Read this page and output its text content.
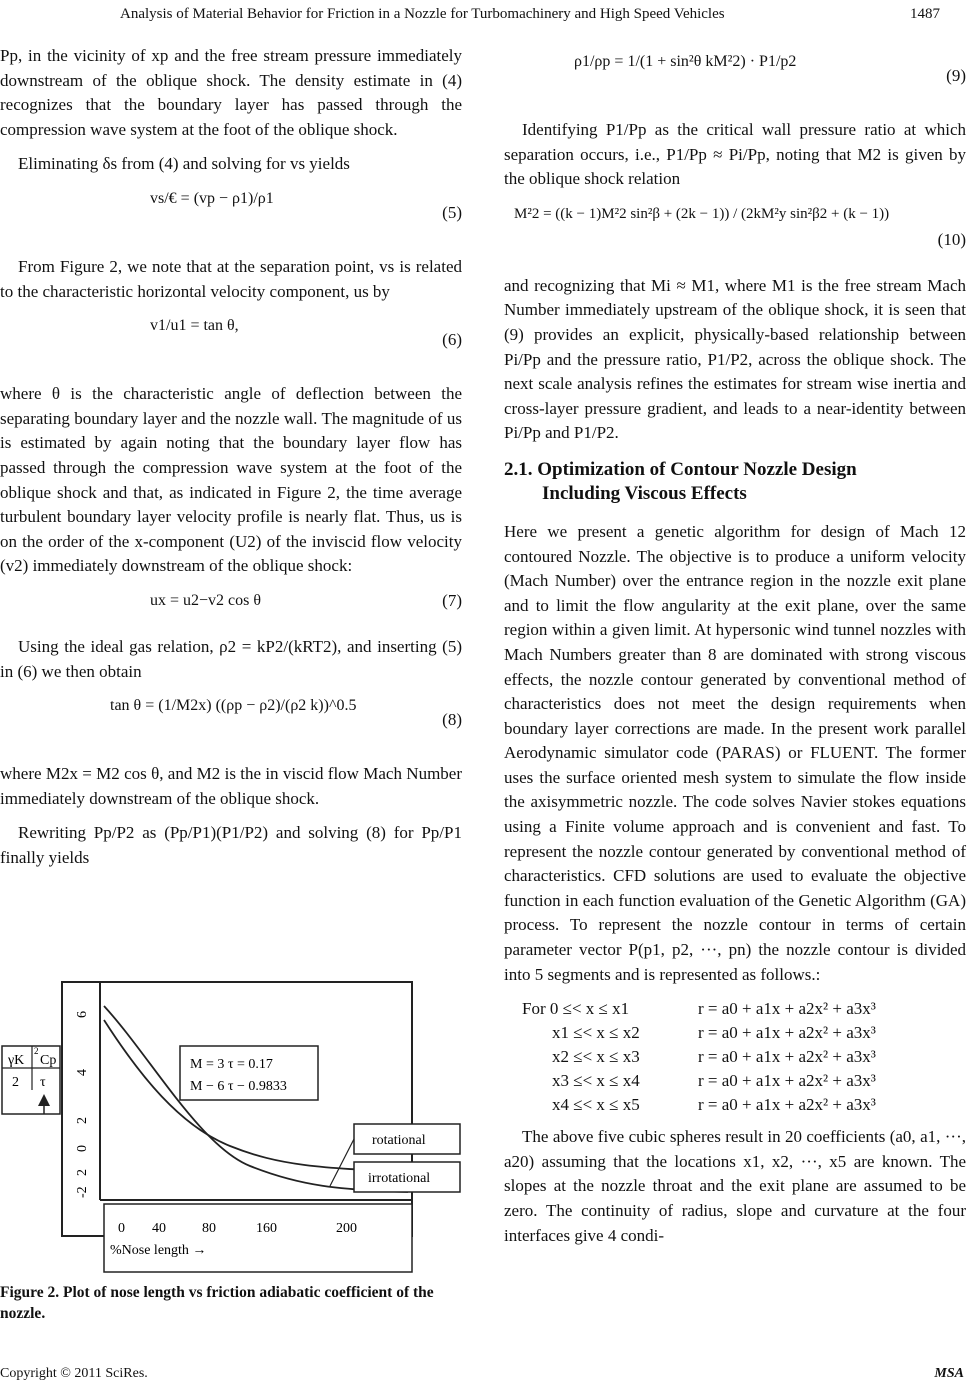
Analysis of Material Behavior for Friction in a Nozzle for Turbomachinery and High Speed Vehicles	1487

Pp, in the vicinity of xp and the free stream pressure immediately downstream of the oblique shock. The density estimate in (4) recognizes that the boundary layer has passed through the compression wave system at the foot of the oblique shock.

Eliminating δs from (4) and solving for vs yields

vs/€ = (vp − ρ1)/ρ1
(5)

From Figure 2, we note that at the separation point, vs is related to the characteristic horizontal velocity component, us by

v1/u1 = tan θ,
(6)

where θ is the characteristic angle of deflection between the separating boundary layer and the nozzle wall. The magnitude of us is estimated by again noting that the boundary layer flow has passed through the compression wave system at the foot of the oblique shock and that, as indicated in Figure 2, the time average turbulent boundary layer velocity profile is nearly flat. Thus, us is on the order of the x-component (U2) of the inviscid flow velocity (v2) immediately downstream of the oblique shock:

ux = u2−v2 cos θ	(7)

Using the ideal gas relation, ρ2 = kP2/(kRT2), and inserting (5) in (6) we then obtain

tan θ = (1/M2x) ((ρp − ρ2)/(ρ2 k))^0.5
(8)

where M2x = M2 cos θ, and M2 is the in viscid flow Mach Number immediately downstream of the oblique shock.

Rewriting Pp/P2 as (Pp/P1)(P1/P2) and solving (8) for Pp/P1 finally yields

γK
2
Cp
2 τ
M = 3 τ = 0.17
M − 6 τ − 0.9833
rotational
irrotational
6
4
2
0
2
-2
0 40	80	160	200
%Nose length →
Figure 2. Plot of nose length vs friction adiabatic coefficient of the nozzle.
ρ1/ρp = 1/(1 + sin²θ kM²2) · P1/p2
(9)

Identifying P1/Pp as the critical wall pressure ratio at which separation occurs, i.e., P1/Pp ≈ Pi/Pp, noting that M2 is given by the oblique shock relation

M²2 = ((k − 1)M²2 sin²β + (2k − 1)) / (2kM²y sin²β2 + (k − 1))
(10)

and recognizing that Mi ≈ M1, where M1 is the free stream Mach Number immediately upstream of the oblique shock, it is seen that (9) provides an explicit, physically-based relationship between Pi/Pp and the pressure ratio, P1/P2, across the oblique shock. The next scale analysis refines the estimates for stream wise inertia and cross-layer pressure gradient, and leads to a near-identity between Pi/Pp and P1/P2.

2.1. Optimization of Contour Nozzle Design
Including Viscous Effects

Here we present a genetic algorithm for design of Mach 12 contoured Nozzle. The objective is to produce a uniform velocity (Mach Number) over the entrance region in the nozzle exit plane and to limit the flow angularity at the exit plane, over the same region within a given limit. At hypersonic wind tunnel nozzles with Mach Numbers greater than 8 are dominated with strong viscous effects, the nozzle contour generated by conventional method of characteristics does not meet the design requirements when boundary layer corrections are made. In the present work parallel Aerodynamic simulator code (PARAS) or FLUENT. The former uses the surface oriented mesh system to simulate the flow inside the axisymmetric nozzle. The code solves Navier stokes equations using a Finite volume approach and is convenient and fast. To represent the nozzle contour generated by conventional method of characteristics. CFD solutions are used to evaluate the objective function in each function evaluation of the Genetic Algorithm (GA) process. To represent the nozzle contour in terms of certain parameter vector P(p1, p2, ···, pn) the nozzle contour is divided into 5 segments and is represented as follows.:

For 0 ≤< x ≤ x1	r = a0 + a1x + a2x² + a3x³
x1 ≤< x ≤ x2	r = a0 + a1x + a2x² + a3x³
x2 ≤< x ≤ x3	r = a0 + a1x + a2x² + a3x³
x3 ≤< x ≤ x4	r = a0 + a1x + a2x² + a3x³
x4 ≤< x ≤ x5	r = a0 + a1x + a2x² + a3x³

The above five cubic spheres result in 20 coefficients (a0, a1, ···, a20) assuming that the locations x1, x2, ···, x5 are known. The slopes at the nozzle throat and the exit plane are assumed to be zero. The continuity of radius, slope and curvature at the four interfaces give 4 condi-

Copyright © 2011 SciRes.	MSA
